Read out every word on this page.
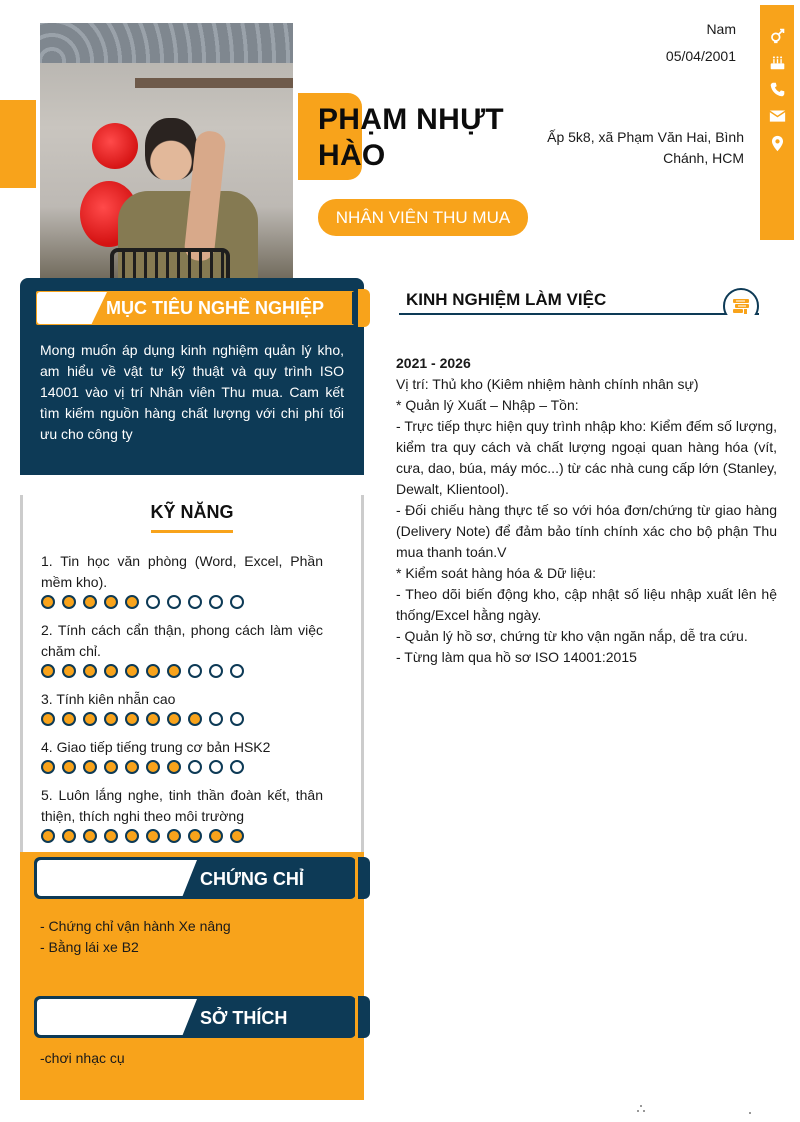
PHẠM NHỰT HÀO
NHÂN VIÊN THU MUA
Nam
05/04/2001
Ấp 5k8, xã Phạm Văn Hai, Bình Chánh, HCM
MỤC TIÊU NGHỀ NGHIỆP
Mong muốn áp dụng kinh nghiệm quản lý kho, am hiểu về vật tư kỹ thuật và quy trình ISO 14001 vào vị trí Nhân viên Thu mua. Cam kết tìm kiếm nguồn hàng chất lượng với chi phí tối ưu cho công ty
KỸ NĂNG
1. Tin học văn phòng (Word, Excel, Phần mềm kho).
2. Tính cách cẩn thận, phong cách làm việc chăm chỉ.
3. Tính kiên nhẫn cao
4. Giao tiếp tiếng trung cơ bản HSK2
5. Luôn lắng nghe, tinh thần đoàn kết, thân thiện, thích nghi theo môi trường
CHỨNG CHỈ
- Chứng chỉ vận hành Xe nâng
- Bằng lái xe B2
SỞ THÍCH
-chơi nhạc cụ
KINH NGHIỆM LÀM VIỆC
2021 - 2026
Vị trí: Thủ kho (Kiêm nhiệm hành chính nhân sự)
* Quản lý Xuất – Nhập – Tồn:
- Trực tiếp thực hiện quy trình nhập kho: Kiểm đếm số lượng, kiểm tra quy cách và chất lượng ngoại quan hàng hóa (vít, cưa, dao, búa, máy móc...) từ các nhà cung cấp lớn (Stanley, Dewalt, Klientool).
- Đối chiếu hàng thực tế so với hóa đơn/chứng từ giao hàng (Delivery Note) để đảm bảo tính chính xác cho bộ phận Thu mua thanh toán.V
* Kiểm soát hàng hóa & Dữ liệu:
- Theo dõi biến động kho, cập nhật số liệu nhập xuất lên hệ thống/Excel hằng ngày.
- Quản lý hồ sơ, chứng từ kho vận ngăn nắp, dễ tra cứu.
- Từng làm qua hồ sơ ISO 14001:2015
